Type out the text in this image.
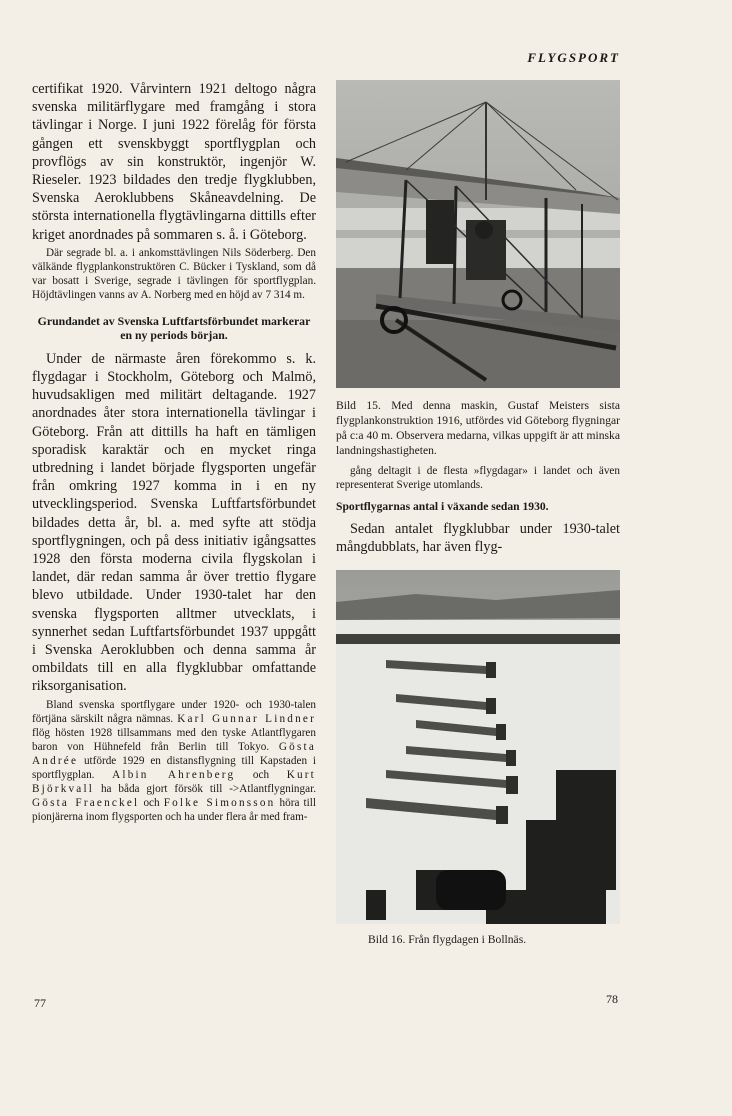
FLYGSPORT

certifikat 1920. Vårvintern 1921 deltogo några svenska militärflygare med framgång i stora tävlingar i Norge. I juni 1922 förelåg för första gången ett svenskbyggt sportflygplan och provflögs av sin konstruktör, ingenjör W. Rieseler. 1923 bildades den tredje flygklubben, Svenska Aeroklubbens Skåneavdelning. De största internationella flygtävlingarna dittills efter kriget anordnades på sommaren s. å. i Göteborg.

Där segrade bl. a. i ankomsttävlingen Nils Söderberg. Den välkände flygplankonstruktören C. Bücker i Tyskland, som då var bosatt i Sverige, segrade i tävlingen för sportflygplan. Höjdtävlingen vanns av A. Norberg med en höjd av 7 314 m.

Grundandet av Svenska Luftfartsförbundet markerar en ny periods början.

Under de närmaste åren förekommo s. k. flygdagar i Stockholm, Göteborg och Malmö, huvudsakligen med militärt deltagande. 1927 anordnades åter stora internationella tävlingar i Göteborg. Från att dittills ha haft en tämligen sporadisk karaktär och en mycket ringa utbredning i landet började flygsporten ungefär från omkring 1927 komma in i en ny utvecklingsperiod. Svenska Luftfartsförbundet bildades detta år, bl. a. med syfte att stödja sportflygningen, och på dess initiativ igångsattes 1928 den första moderna civila flygskolan i landet, där redan samma år över trettio flygare blevo utbildade. Under 1930-talet har den svenska flygsporten alltmer utvecklats, i synnerhet sedan Luftfartsförbundet 1937 uppgått i Svenska Aeroklubben och denna samma år ombildats till en alla flygklubbar omfattande riksorganisation.

Bland svenska sportflygare under 1920- och 1930-talen förtjäna särskilt några nämnas. Karl Gunnar Lindner flög hösten 1928 tillsammans med den tyske Atlantflygaren baron von Hühnefeld från Berlin till Tokyo. Gösta Andrée utförde 1929 en distansflygning till Kapstaden i sportflygplan. Albin Ahrenberg och Kurt Björkvall ha båda gjort försök till ->Atlantflygningar. Gösta Fraenckel och Folke Simonsson höra till pionjärerna inom flygsporten och ha under flera år med fram-

Bild 15. Med denna maskin, Gustaf Meisters sista flygplankonstruktion 1916, utfördes vid Göteborg flygningar på c:a 40 m. Observera medarna, vilkas uppgift är att minska landningshastigheten.

gång deltagit i de flesta »flygdagar» i landet och även representerat Sverige utomlands.

Sportflygarnas antal i växande sedan 1930.

Sedan antalet flygklubbar under 1930-talet mångdubblats, har även flyg-

Bild 16. Från flygdagen i Bollnäs.
77	78
